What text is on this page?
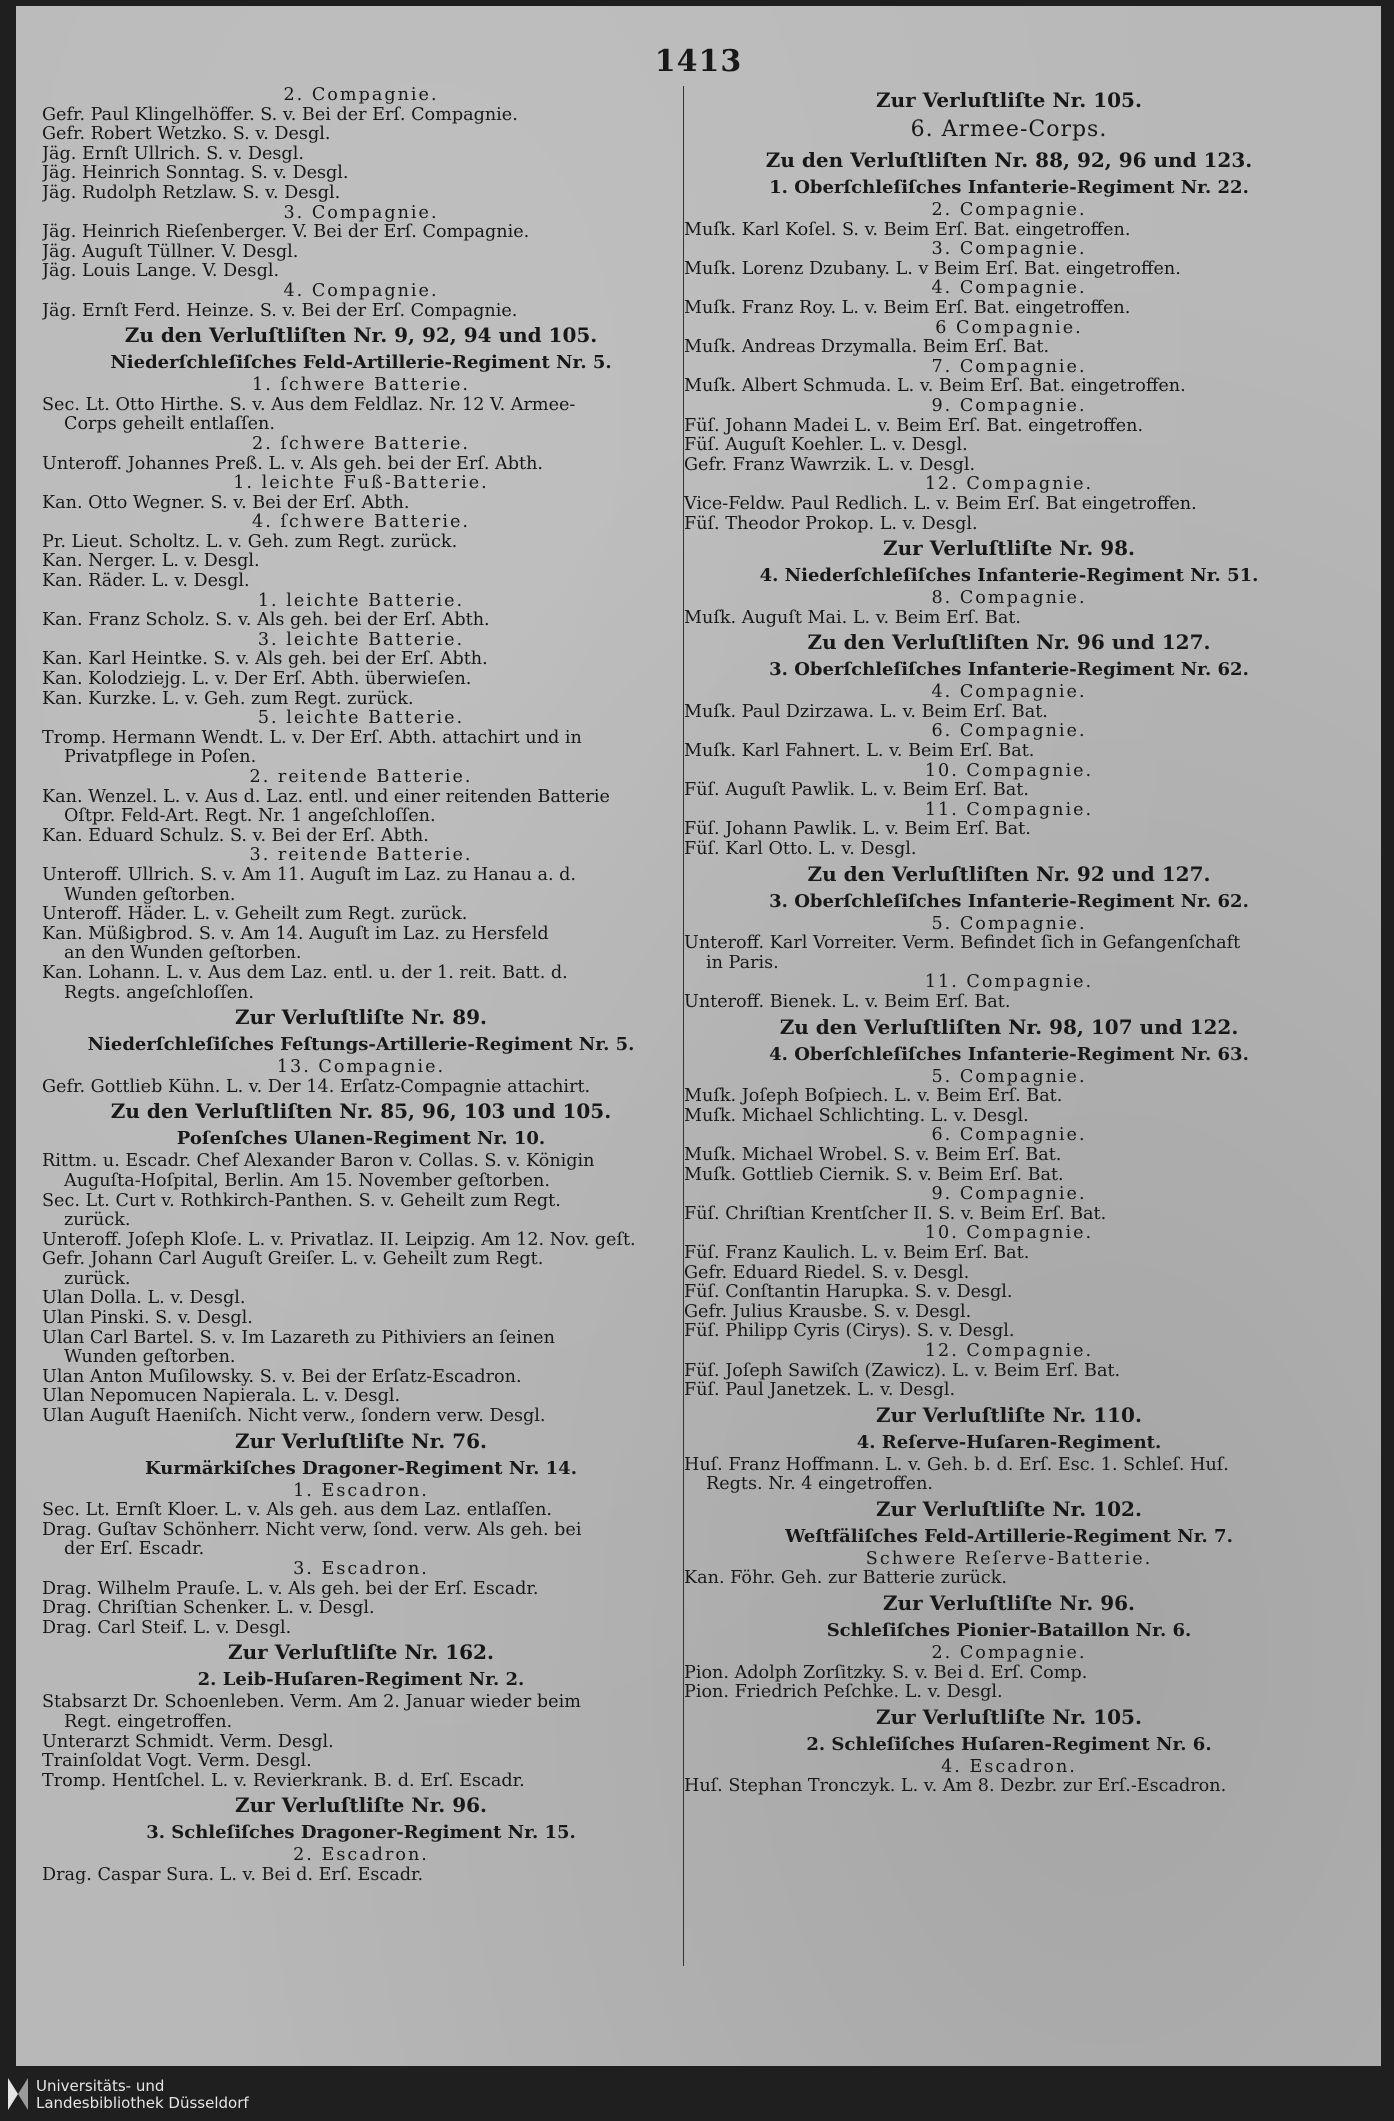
1413
2. Compagnie.
Gefr. Paul Klingelhöffer. S. v. Bei der Erſ. Compagnie.
Gefr. Robert Wetzko. S. v. Desgl.
Jäg. Ernſt Ullrich. S. v. Desgl.
Jäg. Heinrich Sonntag. S. v. Desgl.
Jäg. Rudolph Retzlaw. S. v. Desgl.
3. Compagnie.
Jäg. Heinrich Rieſenberger. V. Bei der Erſ. Compagnie.
Jäg. Auguſt Tüllner. V. Desgl.
Jäg. Louis Lange. V. Desgl.
4. Compagnie.
Jäg. Ernſt Ferd. Heinze. S. v. Bei der Erſ. Compagnie.
Zu den Verluſtliſten Nr. 9, 92, 94 und 105.
Niederſchleſiſches Feld-Artillerie-Regiment Nr. 5.
1. ſchwere Batterie.
Sec. Lt. Otto Hirthe. S. v. Aus dem Feldlaz. Nr. 12 V. Armee-
Corps geheilt entlaſſen.
2. ſchwere Batterie.
Unteroff. Johannes Preß. L. v. Als geh. bei der Erſ. Abth.
1. leichte Fuß-Batterie.
Kan. Otto Wegner. S. v. Bei der Erſ. Abth.
4. ſchwere Batterie.
Pr. Lieut. Scholtz. L. v. Geh. zum Regt. zurück.
Kan. Nerger. L. v. Desgl.
Kan. Räder. L. v. Desgl.
1. leichte Batterie.
Kan. Franz Scholz. S. v. Als geh. bei der Erſ. Abth.
3. leichte Batterie.
Kan. Karl Heintke. S. v. Als geh. bei der Erſ. Abth.
Kan. Kolodziejg. L. v. Der Erſ. Abth. überwieſen.
Kan. Kurzke. L. v. Geh. zum Regt. zurück.
5. leichte Batterie.
Tromp. Hermann Wendt. L. v. Der Erſ. Abth. attachirt und in
Privatpflege in Poſen.
2. reitende Batterie.
Kan. Wenzel. L. v. Aus d. Laz. entl. und einer reitenden Batterie
Oſtpr. Feld-Art. Regt. Nr. 1 angeſchloſſen.
Kan. Eduard Schulz. S. v. Bei der Erſ. Abth.
3. reitende Batterie.
Unteroff. Ullrich. S. v. Am 11. Auguſt im Laz. zu Hanau a. d.
Wunden geſtorben.
Unteroff. Häder. L. v. Geheilt zum Regt. zurück.
Kan. Müßigbrod. S. v. Am 14. Auguſt im Laz. zu Hersfeld
an den Wunden geſtorben.
Kan. Lohann. L. v. Aus dem Laz. entl. u. der 1. reit. Batt. d.
Regts. angeſchloſſen.
Zur Verluſtliſte Nr. 89.
Niederſchleſiſches Feſtungs-Artillerie-Regiment Nr. 5.
13. Compagnie.
Gefr. Gottlieb Kühn. L. v. Der 14. Erſatz-Compagnie attachirt.
Zu den Verluſtliſten Nr. 85, 96, 103 und 105.
Poſenſches Ulanen-Regiment Nr. 10.
Rittm. u. Escadr. Chef Alexander Baron v. Collas. S. v. Königin
Auguſta-Hoſpital, Berlin. Am 15. November geſtorben.
Sec. Lt. Curt v. Rothkirch-Panthen. S. v. Geheilt zum Regt.
zurück.
Unteroff. Joſeph Kloſe. L. v. Privatlaz. II. Leipzig. Am 12. Nov. geſt.
Gefr. Johann Carl Auguſt Greiſer. L. v. Geheilt zum Regt.
zurück.
Ulan Dolla. L. v. Desgl.
Ulan Pinski. S. v. Desgl.
Ulan Carl Bartel. S. v. Im Lazareth zu Pithiviers an ſeinen
Wunden geſtorben.
Ulan Anton Muſilowsky. S. v. Bei der Erſatz-Escadron.
Ulan Nepomucen Napierala. L. v. Desgl.
Ulan Auguſt Haeniſch. Nicht verw., ſondern verw. Desgl.
Zur Verluſtliſte Nr. 76.
Kurmärkiſches Dragoner-Regiment Nr. 14.
1. Escadron.
Sec. Lt. Ernſt Kloer. L. v. Als geh. aus dem Laz. entlaſſen.
Drag. Guſtav Schönherr. Nicht verw, ſond. verw. Als geh. bei
der Erſ. Escadr.
3. Escadron.
Drag. Wilhelm Prauſe. L. v. Als geh. bei der Erſ. Escadr.
Drag. Chriſtian Schenker. L. v. Desgl.
Drag. Carl Steif. L. v. Desgl.
Zur Verluſtliſte Nr. 162.
2. Leib-Huſaren-Regiment Nr. 2.
Stabsarzt Dr. Schoenleben. Verm. Am 2. Januar wieder beim
Regt. eingetroffen.
Unterarzt Schmidt. Verm. Desgl.
Trainſoldat Vogt. Verm. Desgl.
Tromp. Hentſchel. L. v. Revierkrank. B. d. Erſ. Escadr.
Zur Verluſtliſte Nr. 96.
3. Schleſiſches Dragoner-Regiment Nr. 15.
2. Escadron.
Drag. Caspar Sura. L. v. Bei d. Erſ. Escadr.
Zur Verluſtliſte Nr. 105.
6. Armee-Corps.
Zu den Verluſtliſten Nr. 88, 92, 96 und 123.
1. Oberſchleſiſches Infanterie-Regiment Nr. 22.
2. Compagnie.
Muſk. Karl Koſel. S. v. Beim Erſ. Bat. eingetroffen.
3. Compagnie.
Muſk. Lorenz Dzubany. L. v Beim Erſ. Bat. eingetroffen.
4. Compagnie.
Muſk. Franz Roy. L. v. Beim Erſ. Bat. eingetroffen.
6 Compagnie.
Muſk. Andreas Drzymalla. Beim Erſ. Bat.
7. Compagnie.
Muſk. Albert Schmuda. L. v. Beim Erſ. Bat. eingetroffen.
9. Compagnie.
Füſ. Johann Madei L. v. Beim Erſ. Bat. eingetroffen.
Füſ. Auguſt Koehler. L. v. Desgl.
Gefr. Franz Wawrzik. L. v. Desgl.
12. Compagnie.
Vice-Feldw. Paul Redlich. L. v. Beim Erſ. Bat eingetroffen.
Füſ. Theodor Prokop. L. v. Desgl.
Zur Verluſtliſte Nr. 98.
4. Niederſchleſiſches Infanterie-Regiment Nr. 51.
8. Compagnie.
Muſk. Auguſt Mai. L. v. Beim Erſ. Bat.
Zu den Verluſtliſten Nr. 96 und 127.
3. Oberſchleſiſches Infanterie-Regiment Nr. 62.
4. Compagnie.
Muſk. Paul Dzirzawa. L. v. Beim Erſ. Bat.
6. Compagnie.
Muſk. Karl Fahnert. L. v. Beim Erſ. Bat.
10. Compagnie.
Füſ. Auguſt Pawlik. L. v. Beim Erſ. Bat.
11. Compagnie.
Füſ. Johann Pawlik. L. v. Beim Erſ. Bat.
Füſ. Karl Otto. L. v. Desgl.
Zu den Verluſtliſten Nr. 92 und 127.
3. Oberſchleſiſches Infanterie-Regiment Nr. 62.
5. Compagnie.
Unteroff. Karl Vorreiter. Verm. Befindet ſich in Gefangenſchaft
in Paris.
11. Compagnie.
Unteroff. Bienek. L. v. Beim Erſ. Bat.
Zu den Verluſtliſten Nr. 98, 107 und 122.
4. Oberſchleſiſches Infanterie-Regiment Nr. 63.
5. Compagnie.
Muſk. Joſeph Boſpiech. L. v. Beim Erſ. Bat.
Muſk. Michael Schlichting. L. v. Desgl.
6. Compagnie.
Muſk. Michael Wrobel. S. v. Beim Erſ. Bat.
Muſk. Gottlieb Ciernik. S. v. Beim Erſ. Bat.
9. Compagnie.
Füſ. Chriſtian Krentſcher II. S. v. Beim Erſ. Bat.
10. Compagnie.
Füſ. Franz Kaulich. L. v. Beim Erſ. Bat.
Gefr. Eduard Riedel. S. v. Desgl.
Füſ. Conſtantin Harupka. S. v. Desgl.
Gefr. Julius Krausbe. S. v. Desgl.
Füſ. Philipp Cyris (Cirys). S. v. Desgl.
12. Compagnie.
Füſ. Joſeph Sawiſch (Zawicz). L. v. Beim Erſ. Bat.
Füſ. Paul Janetzek. L. v. Desgl.
Zur Verluſtliſte Nr. 110.
4. Reſerve-Huſaren-Regiment.
Huſ. Franz Hoffmann. L. v. Geh. b. d. Erſ. Esc. 1. Schleſ. Huſ.
Regts. Nr. 4 eingetroffen.
Zur Verluſtliſte Nr. 102.
Weſtfäliſches Feld-Artillerie-Regiment Nr. 7.
Schwere Reſerve-Batterie.
Kan. Föhr. Geh. zur Batterie zurück.
Zur Verluſtliſte Nr. 96.
Schleſiſches Pionier-Bataillon Nr. 6.
2. Compagnie.
Pion. Adolph Zorſitzky. S. v. Bei d. Erſ. Comp.
Pion. Friedrich Peſchke. L. v. Desgl.
Zur Verluſtliſte Nr. 105.
2. Schleſiſches Huſaren-Regiment Nr. 6.
4. Escadron.
Huſ. Stephan Tronczyk. L. v. Am 8. Dezbr. zur Erſ.-Escadron.
Universitäts- und
Landesbibliothek Düsseldorf
